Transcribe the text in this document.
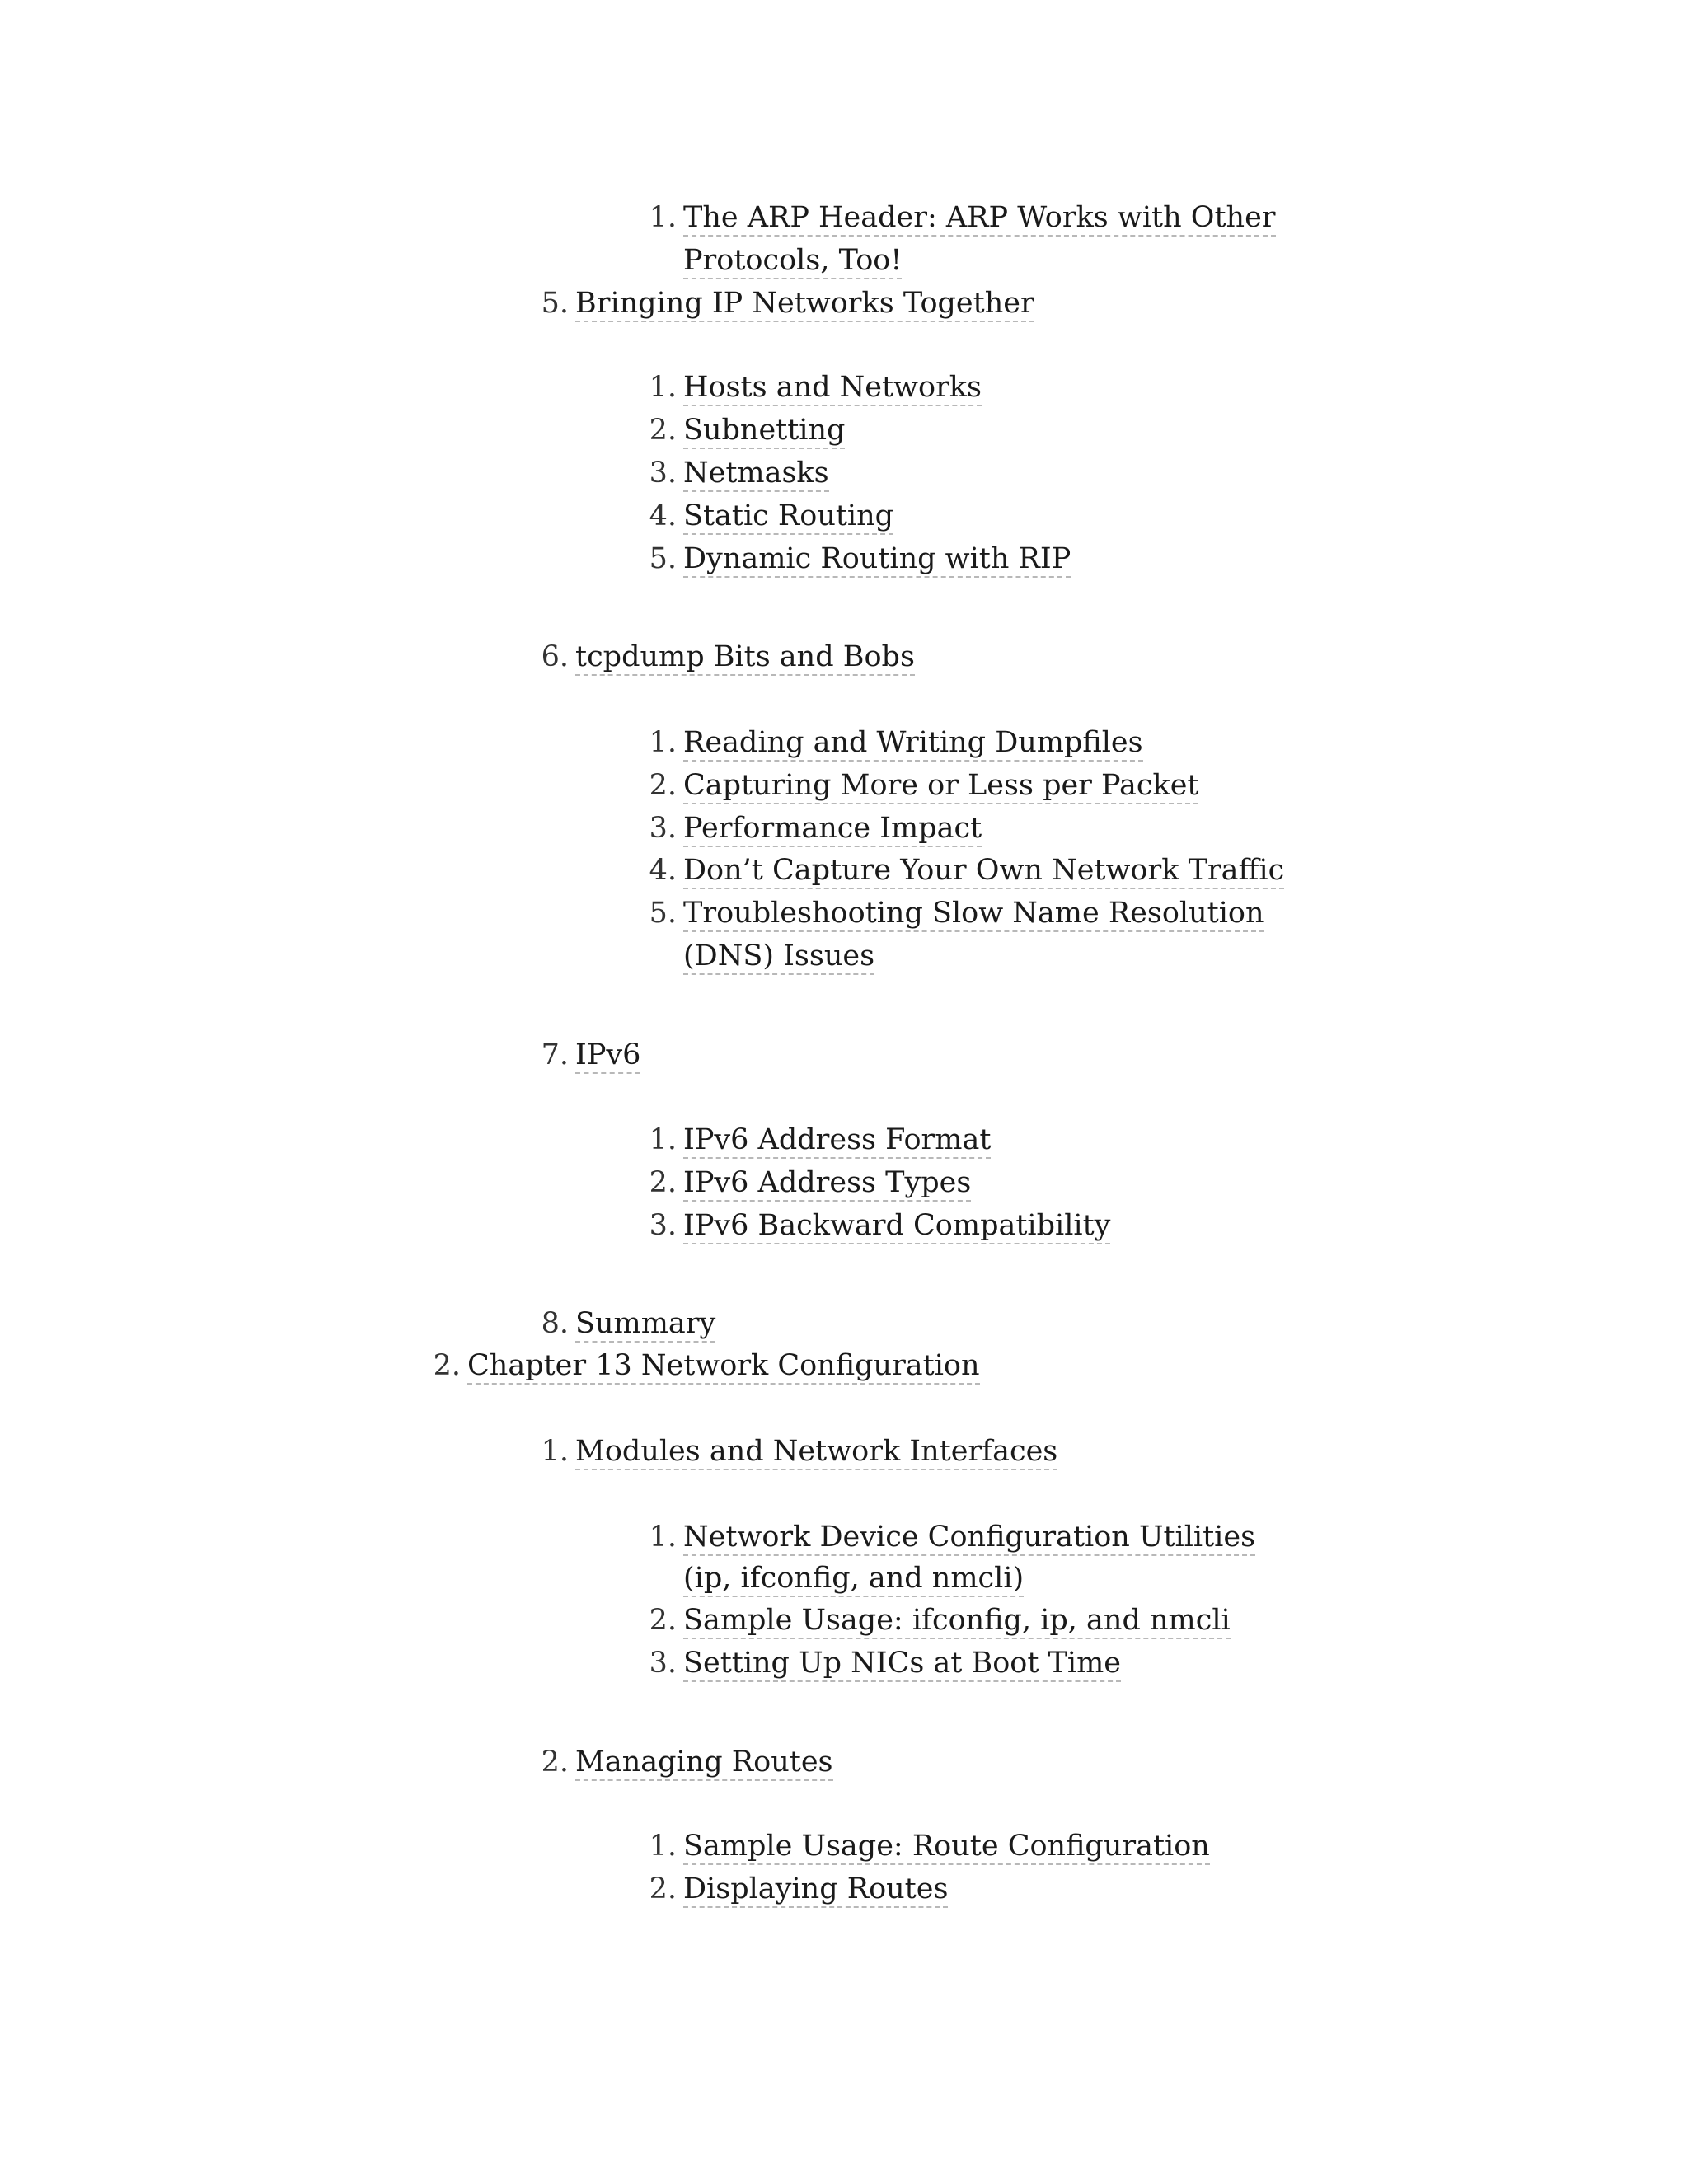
1. The ARP Header: ARP Works with Other
Protocols, Too!
5. Bringing IP Networks Together
1. Hosts and Networks
2. Subnetting
3. Netmasks
4. Static Routing
5. Dynamic Routing with RIP
6. tcpdump Bits and Bobs
1. Reading and Writing Dumpfiles
2. Capturing More or Less per Packet
3. Performance Impact
4. Don’t Capture Your Own Network Traffic
5. Troubleshooting Slow Name Resolution
(DNS) Issues
7. IPv6
1. IPv6 Address Format
2. IPv6 Address Types
3. IPv6 Backward Compatibility
8. Summary
2. Chapter 13 Network Configuration
1. Modules and Network Interfaces
1. Network Device Configuration Utilities
(ip, ifconfig, and nmcli)
2. Sample Usage: ifconfig, ip, and nmcli
3. Setting Up NICs at Boot Time
2. Managing Routes
1. Sample Usage: Route Configuration
2. Displaying Routes
